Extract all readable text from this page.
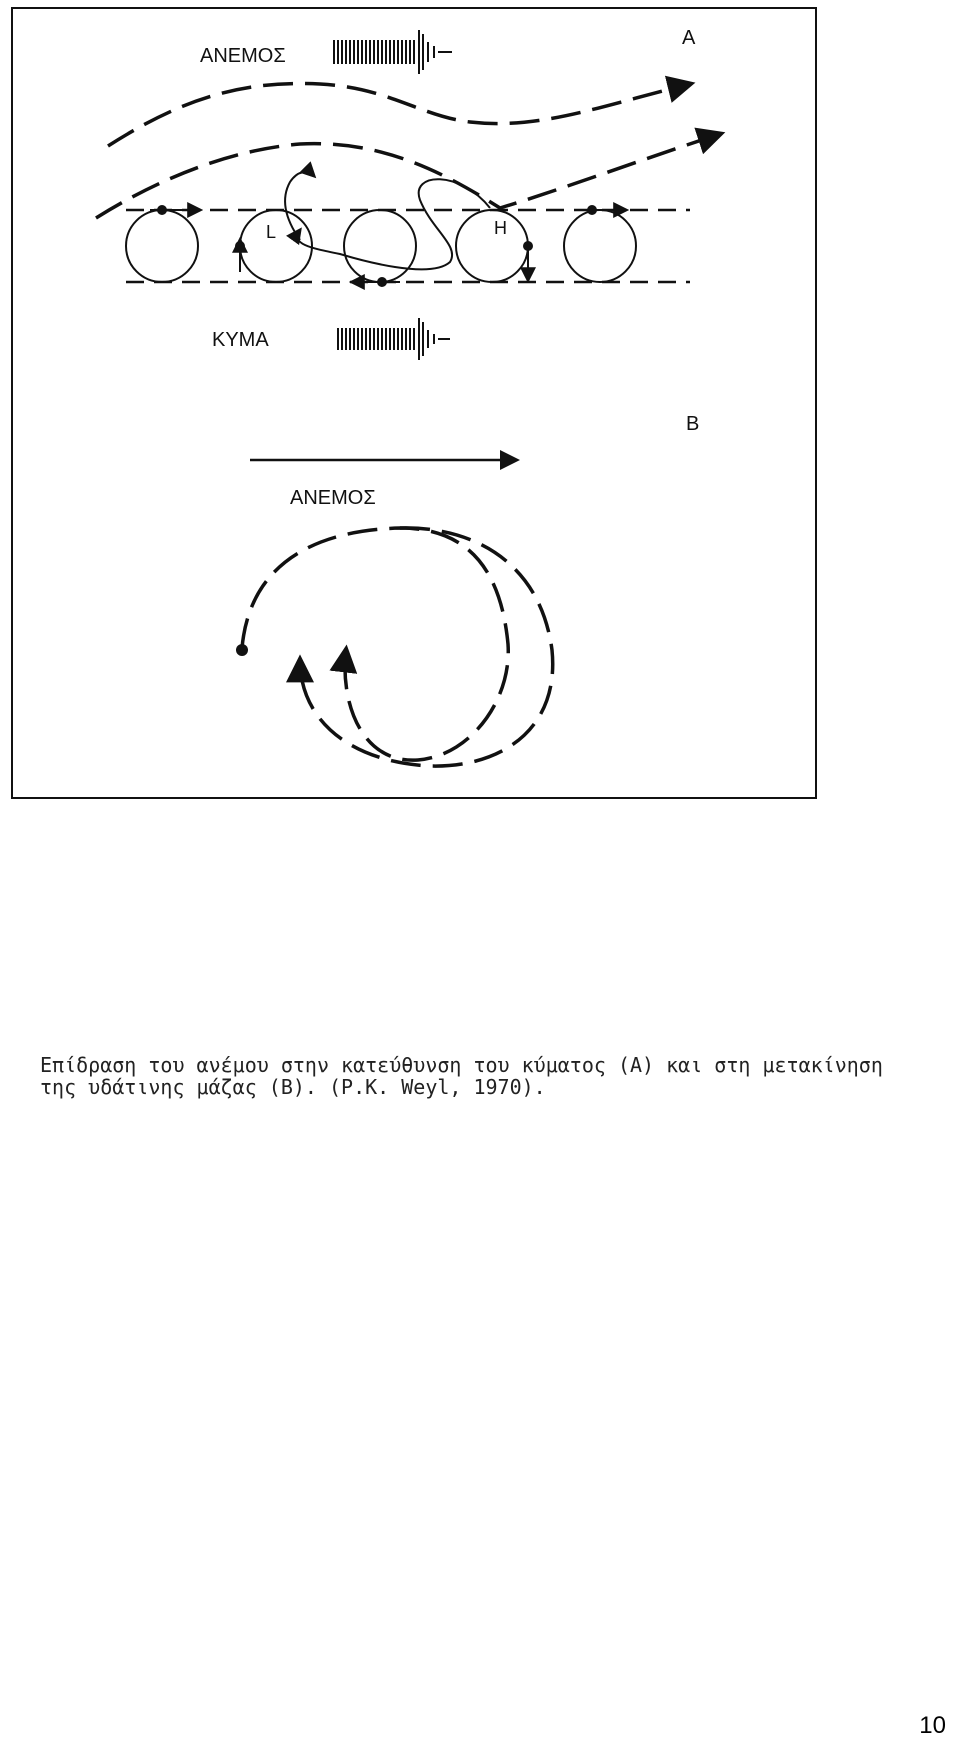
A
ΑΝΕΜΟΣ
L	H
ΚΥΜΑ
B
ΑΝΕΜΟΣ

Επίδραση του ανέμου στην κατεύθυνση του κύματος (A) και στη μετακίνηση της υδάτινης μάζας (B). (P.K. Weyl, 1970).

10
